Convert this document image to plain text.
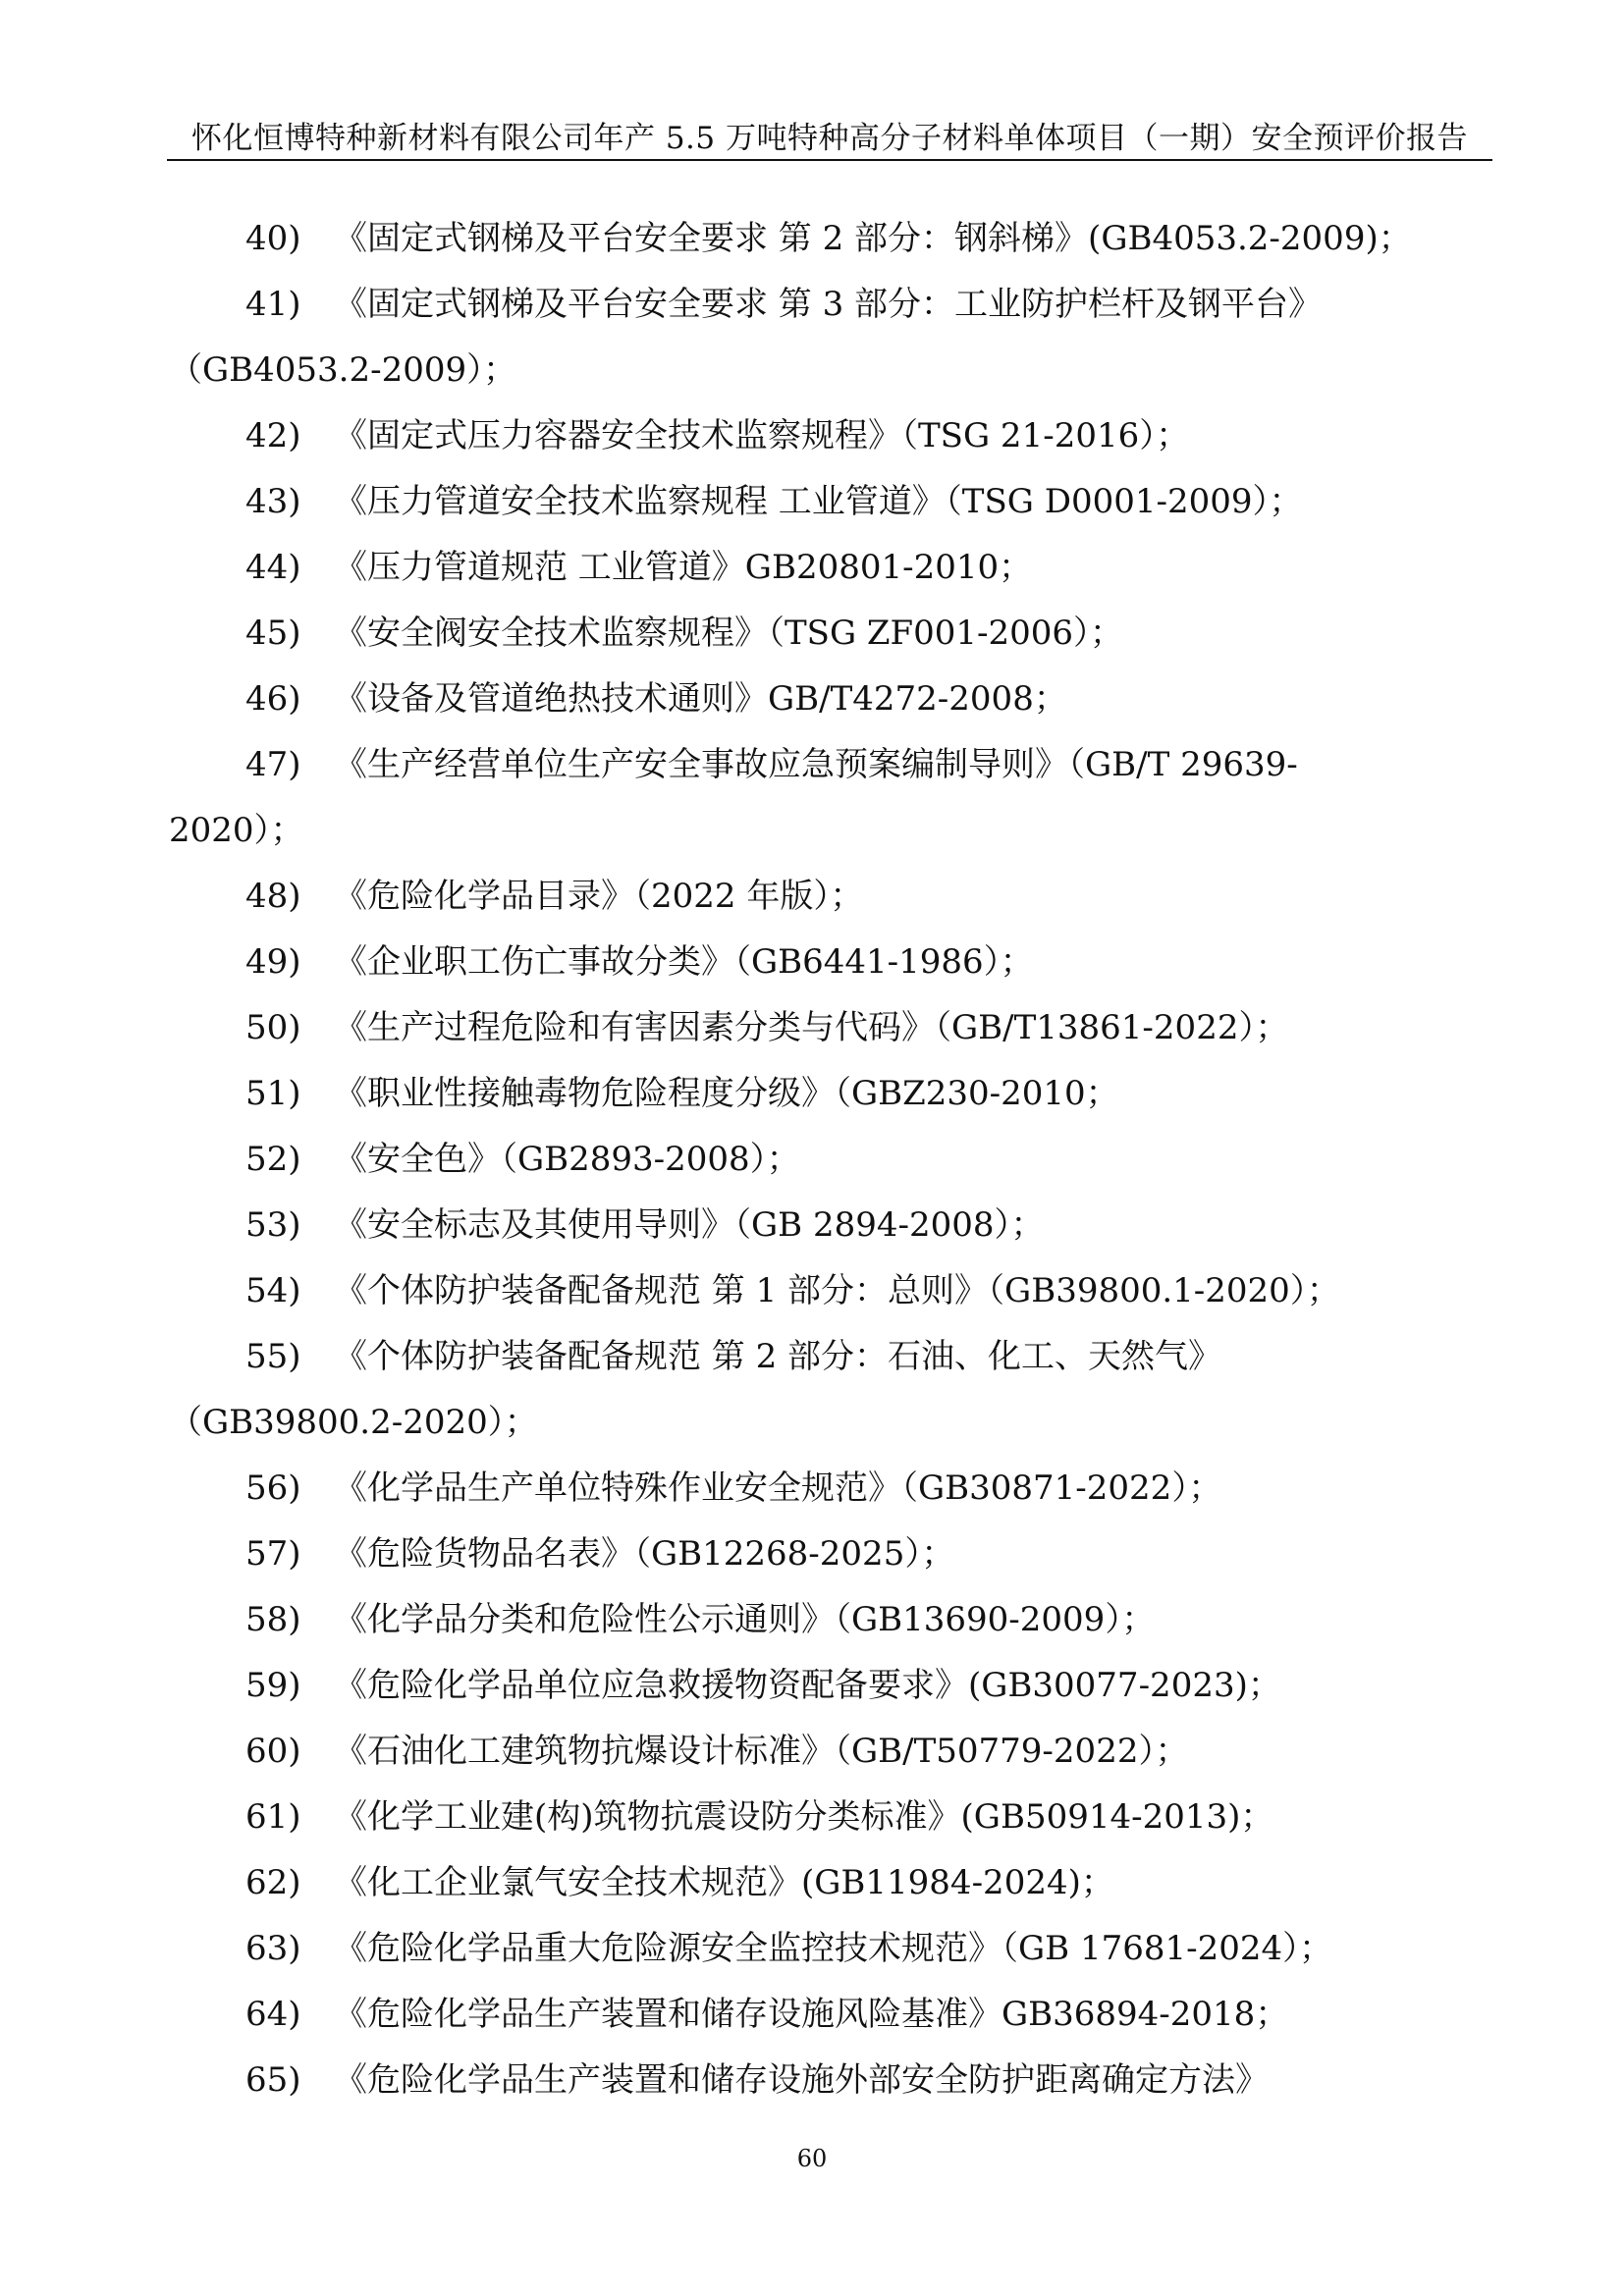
怀化恒博特种新材料有限公司年产 5.5 万吨特种高分子材料单体项目（一期）安全预评价报告
40) 《固定式钢梯及平台安全要求 第 2 部分：钢斜梯》(GB4053.2-2009)；
41) 《固定式钢梯及平台安全要求 第 3 部分：工业防护栏杆及钢平台》
（GB4053.2-2009）；
42) 《固定式压力容器安全技术监察规程》（TSG 21-2016）；
43) 《压力管道安全技术监察规程 工业管道》（TSG D0001-2009）；
44) 《压力管道规范 工业管道》GB20801-2010；
45) 《安全阀安全技术监察规程》（TSG ZF001-2006）；
46) 《设备及管道绝热技术通则》GB/T4272-2008；
47) 《生产经营单位生产安全事故应急预案编制导则》（GB/T 29639-
2020）；
48) 《危险化学品目录》（2022 年版）；
49) 《企业职工伤亡事故分类》（GB6441-1986）；
50) 《生产过程危险和有害因素分类与代码》（GB/T13861-2022）；
51) 《职业性接触毒物危险程度分级》（GBZ230-2010；
52) 《安全色》（GB2893-2008）；
53) 《安全标志及其使用导则》（GB 2894-2008）；
54) 《个体防护装备配备规范 第 1 部分：总则》（GB39800.1-2020）；
55) 《个体防护装备配备规范 第 2 部分：石油、化工、天然气》
（GB39800.2-2020）；
56) 《化学品生产单位特殊作业安全规范》（GB30871-2022）；
57) 《危险货物品名表》（GB12268-2025）；
58) 《化学品分类和危险性公示通则》（GB13690-2009）；
59) 《危险化学品单位应急救援物资配备要求》(GB30077-2023)；
60) 《石油化工建筑物抗爆设计标准》（GB/T50779-2022）；
61) 《化学工业建(构)筑物抗震设防分类标准》(GB50914-2013)；
62) 《化工企业氯气安全技术规范》(GB11984-2024)；
63) 《危险化学品重大危险源安全监控技术规范》（GB 17681-2024）；
64) 《危险化学品生产装置和储存设施风险基准》GB36894-2018；
65) 《危险化学品生产装置和储存设施外部安全防护距离确定方法》
60
